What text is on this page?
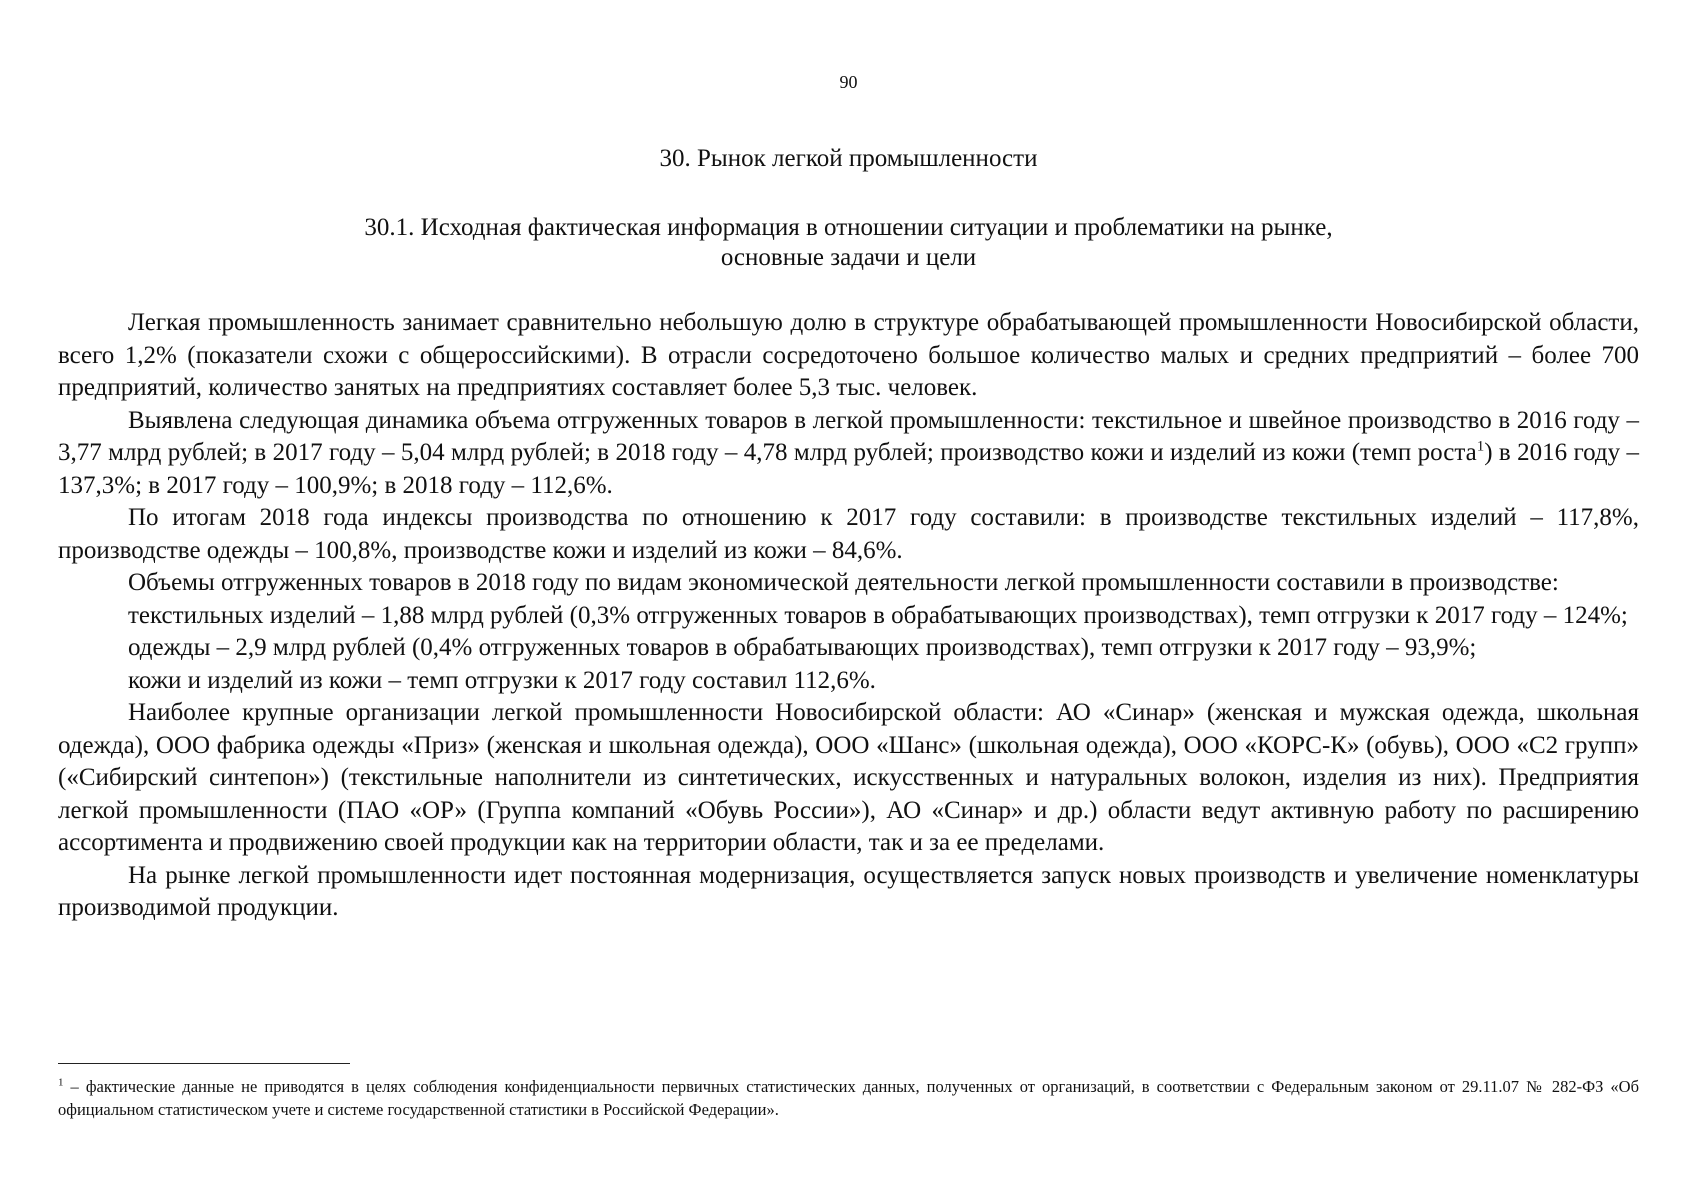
90
30. Рынок легкой промышленности
30.1. Исходная фактическая информация в отношении ситуации и проблематики на рынке,
основные задачи и цели

Легкая промышленность занимает сравнительно небольшую долю в структуре обрабатывающей промышленности Новосибирской области, всего 1,2% (показатели схожи с общероссийскими). В отрасли сосредоточено большое количество малых и средних предприятий – более 700 предприятий, количество занятых на предприятиях составляет более 5,3 тыс. человек.

Выявлена следующая динамика объема отгруженных товаров в легкой промышленности: текстильное и швейное производство в 2016 году – 3,77 млрд рублей; в 2017 году – 5,04 млрд рублей; в 2018 году – 4,78 млрд рублей; производство кожи и изделий из кожи (темп роста$^1$) в 2016 году – 137,3%; в 2017 году – 100,9%; в 2018 году – 112,6%.

По итогам 2018 года индексы производства по отношению к 2017 году составили: в производстве текстильных изделий – 117,8%, производстве одежды – 100,8%, производстве кожи и изделий из кожи – 84,6%.

Объемы отгруженных товаров в 2018 году по видам экономической деятельности легкой промышленности составили в производстве:

текстильных изделий – 1,88 млрд рублей (0,3% отгруженных товаров в обрабатывающих производствах), темп отгрузки к 2017 году – 124%;

одежды – 2,9 млрд рублей (0,4% отгруженных товаров в обрабатывающих производствах), темп отгрузки к 2017 году – 93,9%;

кожи и изделий из кожи – темп отгрузки к 2017 году составил 112,6%.

Наиболее крупные организации легкой промышленности Новосибирской области: АО «Синар» (женская и мужская одежда, школьная одежда), ООО фабрика одежды «Приз» (женская и школьная одежда), ООО «Шанс» (школьная одежда), ООО «КОРС-К» (обувь), ООО «С2 групп» («Сибирский синтепон») (текстильные наполнители из синтетических, искусственных и натуральных волокон, изделия из них). Предприятия легкой промышленности (ПАО «ОР» (Группа компаний «Обувь России»), АО «Синар» и др.) области ведут активную работу по расширению ассортимента и продвижению своей продукции как на территории области, так и за ее пределами.

На рынке легкой промышленности идет постоянная модернизация, осуществляется запуск новых производств и увеличение номенклатуры производимой продукции.

$^1$ – фактические данные не приводятся в целях соблюдения конфиденциальности первичных статистических данных, полученных от организаций, в соответствии с Федеральным законом от 29.11.07 № 282-ФЗ «Об официальном статистическом учете и системе государственной статистики в Российской Федерации».
